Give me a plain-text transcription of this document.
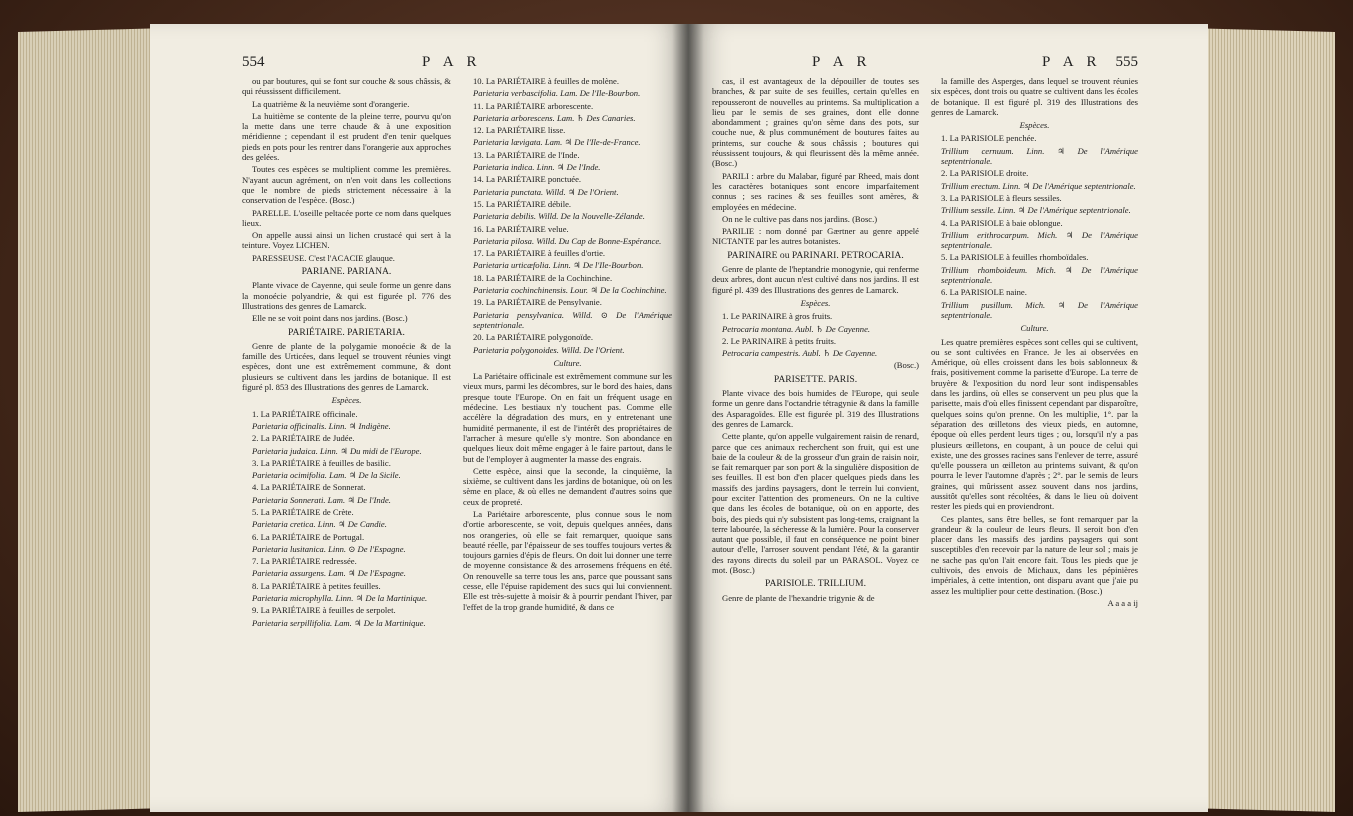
554	P A R

ou par boutures, qui se font sur couche & sous châssis, & qui réussissent difficilement.

La quatrième & la neuvième sont d'orangerie.

La huitième se contente de la pleine terre, pourvu qu'on la mette dans une terre chaude & à une exposition méridienne ; cependant il est prudent d'en tenir quelques pieds en pots pour les rentrer dans l'orangerie aux approches des gelées.

Toutes ces espèces se multiplient comme les premières. N'ayant aucun agrément, on n'en voit dans les collections que le nombre de pieds strictement nécessaire à la conservation de l'espèce. (Bosc.)

PARELLE. L'oseille peltacée porte ce nom dans quelques lieux.

On appelle aussi ainsi un lichen crustacé qui sert à la teinture. Voyez LICHEN.

PARESSEUSE. C'est l'ACACIE glauque.

PARIANE. PARIANA.

Plante vivace de Cayenne, qui seule forme un genre dans la monoécie polyandrie, & qui est figurée pl. 776 des Illustrations des genres de Lamarck.

Elle ne se voit point dans nos jardins. (Bosc.)

PARIÉTAIRE. PARIETARIA.

Genre de plante de la polygamie monoécie & de la famille des Urticées, dans lequel se trouvent réunies vingt espèces, dont une est extrêmement commune, & dont plusieurs se cultivent dans les jardins de botanique. Il est figuré pl. 853 des Illustrations des genres de Lamarck.

Espèces.

1. La PARIÉTAIRE officinale.

Parietaria officinalis. Linn. ♃ Indigène.

2. La PARIÉTAIRE de Judée.

Parietaria judaica. Linn. ♃ Du midi de l'Europe.

3. La PARIÉTAIRE à feuilles de basilic.

Parietaria ocimifolia. Lam. ♃ De la Sicile.

4. La PARIÉTAIRE de Sonnerat.

Parietaria Sonnerati. Lam. ♃ De l'Inde.

5. La PARIÉTAIRE de Crète.

Parietaria cretica. Linn. ♃ De Candie.

6. La PARIÉTAIRE de Portugal.

Parietaria lusitanica. Linn. ⊙ De l'Espagne.

7. La PARIÉTAIRE redressée.

Parietaria assurgens. Lam. ♃ De l'Espagne.

8. La PARIÉTAIRE à petites feuilles.

Parietaria microphylla. Linn. ♃ De la Martinique.

9. La PARIÉTAIRE à feuilles de serpolet.

Parietaria serpillifolia. Lam. ♃ De la Martinique.

10. La PARIÉTAIRE à feuilles de molène.

Parietaria verbascifolia. Lam. De l'Ile-Bourbon.

11. La PARIÉTAIRE arborescente.

Parietaria arborescens. Lam. ♄ Des Canaries.

12. La PARIÉTAIRE lisse.

Parietaria lævigata. Lam. ♃ De l'Ile-de-France.

13. La PARIÉTAIRE de l'Inde.

Parietaria indica. Linn. ♃ De l'Inde.

14. La PARIÉTAIRE ponctuée.

Parietaria punctata. Willd. ♃ De l'Orient.

15. La PARIÉTAIRE débile.

Parietaria debilis. Willd. De la Nouvelle-Zélande.

16. La PARIÉTAIRE velue.

Parietaria pilosa. Willd. Du Cap de Bonne-Espérance.

17. La PARIÉTAIRE à feuilles d'ortie.

Parietaria urticæfolia. Linn. ♃ De l'Ile-Bourbon.

18. La PARIÉTAIRE de la Cochinchine.

Parietaria cochinchinensis. Lour. ♃ De la Cochinchine.

19. La PARIÉTAIRE de Pensylvanie.

Parietaria pensylvanica. Willd. ⊙ De l'Amérique septentrionale.

20. La PARIÉTAIRE polygonoïde.

Parietaria polygonoides. Willd. De l'Orient.

Culture.

La Pariétaire officinale est extrêmement commune sur les vieux murs, parmi les décombres, sur le bord des haies, dans presque toute l'Europe. On en fait un fréquent usage en médecine. Les bestiaux n'y touchent pas. Comme elle accélère la dégradation des murs, en y entretenant une humidité permanente, il est de l'intérêt des propriétaires de l'arracher à mesure qu'elle s'y montre. Son abondance en quelques lieux doit même engager à le faire partout, dans le but de l'employer à augmenter la masse des engrais.

Cette espèce, ainsi que la seconde, la cinquième, la sixième, se cultivent dans les jardins de botanique, où on les sème en place, & où elles ne demandent d'autres soins que ceux de propreté.

La Pariétaire arborescente, plus connue sous le nom d'ortie arborescente, se voit, depuis quelques années, dans nos orangeries, où elle se fait remarquer, quoique sans beauté réelle, par l'épaisseur de ses touffes toujours vertes & toujours garnies d'épis de fleurs. On doit lui donner une terre de moyenne consistance & des arrosemens fréquens en été. On renouvelle sa terre tous les ans, parce que poussant sans cesse, elle l'épuise rapidement des sucs qui lui conviennent. Elle est très-sujette à moisir & à pourrir pendant l'hiver, par l'effet de la trop grande humidité, & dans ce

P A R	P A R 555

cas, il est avantageux de la dépouiller de toutes ses branches, & par suite de ses feuilles, certain qu'elles en repousseront de nouvelles au printems. Sa multiplication a lieu par le semis de ses graines, dont elle donne abondamment ; graines qu'on sème dans des pots, sur couche nue, & plus communément de boutures faites au printems, sur couche & sous châssis ; boutures qui réussissent toujours, & qui fleurissent dès la même année. (Bosc.)

PARILI : arbre du Malabar, figuré par Rheed, mais dont les caractères botaniques sont encore imparfaitement connus ; ses racines & ses feuilles sont amères, & employées en médecine.

On ne le cultive pas dans nos jardins. (Bosc.)

PARILIE : nom donné par Gærtner au genre appelé NICTANTE par les autres botanistes.

PARINAIRE ou PARINARI. PETROCARIA.

Genre de plante de l'heptandrie monogynie, qui renferme deux arbres, dont aucun n'est cultivé dans nos jardins. Il est figuré pl. 439 des Illustrations des genres de Lamarck.

Espèces.

1. Le PARINAIRE à gros fruits.

Petrocaria montana. Aubl. ♄ De Cayenne.

2. Le PARINAIRE à petits fruits.

Petrocaria campestris. Aubl. ♄ De Cayenne.

(Bosc.)

PARISETTE. PARIS.

Plante vivace des bois humides de l'Europe, qui seule forme un genre dans l'octandrie tétragynie & dans la famille des Asparagoïdes. Elle est figurée pl. 319 des Illustrations des genres de Lamarck.

Cette plante, qu'on appelle vulgairement raisin de renard, parce que ces animaux recherchent son fruit, qui est une baie de la couleur & de la grosseur d'un grain de raisin noir, se fait remarquer par son port & la singulière disposition de ses feuilles. Il est bon d'en placer quelques pieds dans les massifs des jardins paysagers, dont le terrein lui convient, pour exciter l'attention des promeneurs. On ne la cultive que dans les écoles de botanique, où on en apporte, des bois, des pieds qui n'y subsistent pas long-tems, craignant la terre labourée, la sécheresse & la lumière. Pour la conserver autant que possible, il faut en conséquence ne point biner autour d'elle, l'arroser souvent pendant l'été, & la garantir des rayons directs du soleil par un PARASOL. Voyez ce mot. (Bosc.)

PARISIOLE. TRILLIUM.

Genre de plante de l'hexandrie trigynie & de

la famille des Asperges, dans lequel se trouvent réunies six espèces, dont trois ou quatre se cultivent dans les écoles de botanique. Il est figuré pl. 319 des Illustrations des genres de Lamarck.

Espèces.

1. La PARISIOLE penchée.

Trillium cernuum. Linn. ♃ De l'Amérique septentrionale.

2. La PARISIOLE droite.

Trillium erectum. Linn. ♃ De l'Amérique septentrionale.

3. La PARISIOLE à fleurs sessiles.

Trillium sessile. Linn. ♃ De l'Amérique septentrionale.

4. La PARISIOLE à baie oblongue.

Trillium erithrocarpum. Mich. ♃ De l'Amérique septentrionale.

5. La PARISIOLE à feuilles rhomboïdales.

Trillium rhomboideum. Mich. ♃ De l'Amérique septentrionale.

6. La PARISIOLE naine.

Trillium pusillum. Mich. ♃ De l'Amérique septentrionale.

Culture.

Les quatre premières espèces sont celles qui se cultivent, ou se sont cultivées en France. Je les ai observées en Amérique, où elles croissent dans les bois sablonneux & frais, positivement comme la parisette d'Europe. La terre de bruyère & l'exposition du nord leur sont indispensables dans les jardins, où elles se conservent un peu plus que la parisette, mais d'où elles finissent cependant par disparoître, quelques soins qu'on prenne. On les multiplie, 1°. par la séparation des œilletons des vieux pieds, en automne, époque où elles perdent leurs tiges ; ou, lorsqu'il n'y a pas plusieurs œilletons, en coupant, à un pouce de celui qui existe, une des grosses racines sans l'enlever de terre, assuré qu'elle poussera un œilleton au printems suivant, & qu'on pourra le lever l'automne d'après ; 2°. par le semis de leurs graines, qui mûrissent assez souvent dans nos jardins, aussitôt qu'elles sont récoltées, & dans le lieu où doivent rester les pieds qui en proviendront.

Ces plantes, sans être belles, se font remarquer par la grandeur & la couleur de leurs fleurs. Il seroit bon d'en placer dans les massifs des jardins paysagers qui sont susceptibles d'en recevoir par la nature de leur sol ; mais je ne sache pas qu'on l'ait encore fait. Tous les pieds que je cultivois, des envois de Michaux, dans les pépinières impériales, à cette intention, ont disparu avant que j'aie pu assez les multiplier pour cette destination. (Bosc.)

A a a a ij
